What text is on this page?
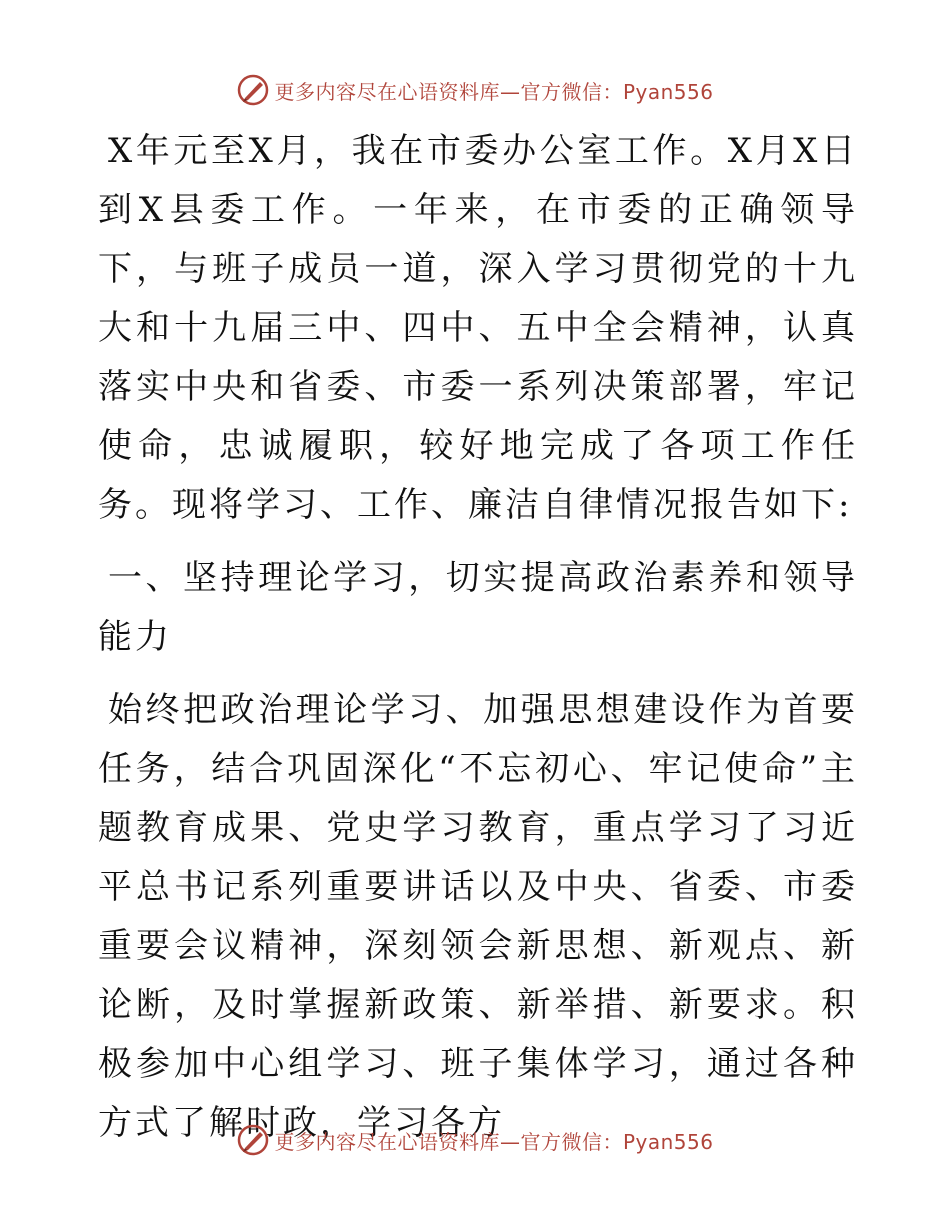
更多内容尽在心语资料库—官方微信：Pyan556

X年元至X月，我在市委办公室工作。X月X日到X县委工作。一年来，在市委的正确领导下，与班子成员一道，深入学习贯彻党的十九大和十九届三中、四中、五中全会精神，认真落实中央和省委、市委一系列决策部署，牢记使命，忠诚履职，较好地完成了各项工作任务。现将学习、工作、廉洁自律情况报告如下:

一、坚持理论学习，切实提高政治素养和领导能力

始终把政治理论学习、加强思想建设作为首要任务，结合巩固深化“不忘初心、牢记使命”主题教育成果、党史学习教育，重点学习了习近平总书记系列重要讲话以及中央、省委、市委重要会议精神，深刻领会新思想、新观点、新论断，及时掌握新政策、新举措、新要求。积极参加中心组学习、班子集体学习，通过各种方式了解时政，学习各方

更多内容尽在心语资料库—官方微信：Pyan556
